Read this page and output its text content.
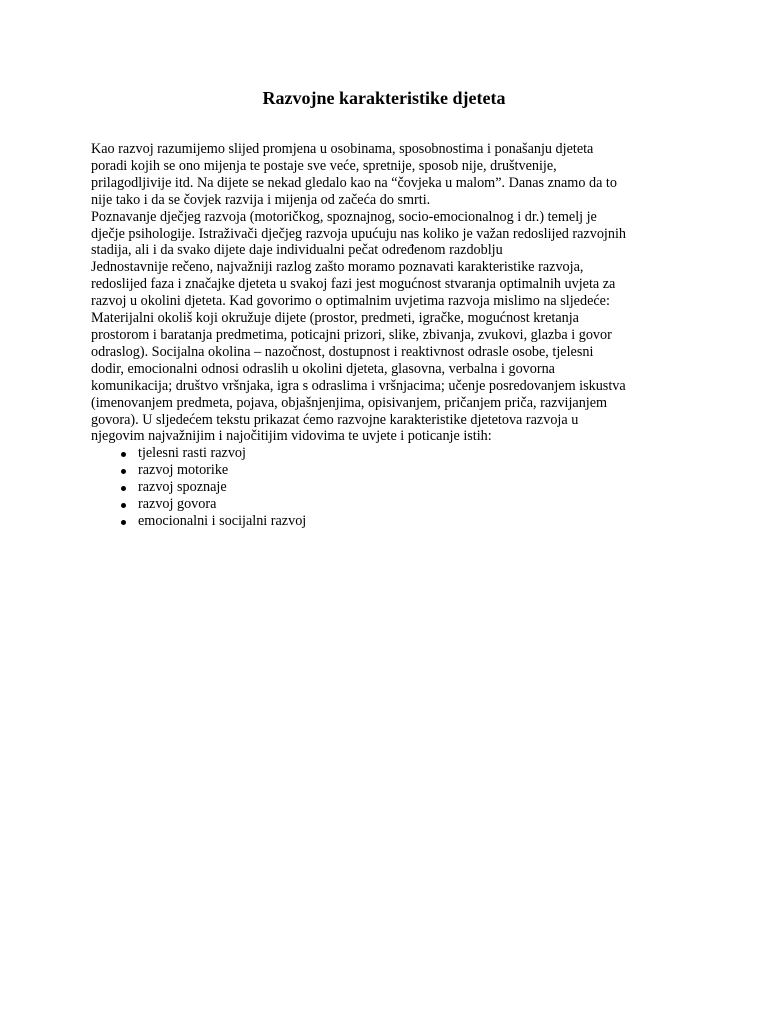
Razvojne karakteristike djeteta
Kao razvoj razumijemo slijed promjena u osobinama, sposobnostima i ponašanju djeteta
poradi kojih se ono mijenja te postaje sve veće, spretnije, sposob nije, društvenije,
prilagodljivije itd. Na dijete se nekad gledalo kao na “čovjeka u malom”. Danas znamo da to
nije tako i da se čovjek razvija i mijenja od začeća do smrti.
Poznavanje dječjeg razvoja (motoričkog, spoznajnog, socio-emocionalnog i dr.) temelj je
dječje psihologije. Istraživači dječjeg razvoja upućuju nas koliko je važan redoslijed razvojnih
stadija, ali i da svako dijete daje individualni pečat određenom razdoblju
Jednostavnije rečeno, najvažniji razlog zašto moramo poznavati karakteristike razvoja,
redoslijed faza i značajke djeteta u svakoj fazi jest mogućnost stvaranja optimalnih uvjeta za
razvoj u okolini djeteta. Kad govorimo o optimalnim uvjetima razvoja mislimo na sljedeće:
Materijalni okoliš koji okružuje dijete (prostor, predmeti, igračke, mogućnost kretanja
prostorom i baratanja predmetima, poticajni prizori, slike, zbivanja, zvukovi, glazba i govor
odraslog). Socijalna okolina – nazočnost, dostupnost i reaktivnost odrasle osobe, tjelesni
dodir, emocionalni odnosi odraslih u okolini djeteta, glasovna, verbalna i govorna
komunikacija; društvo vršnjaka, igra s odraslima i vršnjacima; učenje posredovanjem iskustva
(imenovanjem predmeta, pojava, objašnjenjima, opisivanjem, pričanjem priča, razvijanjem
govora). U sljedećem tekstu prikazat ćemo razvojne karakteristike djetetova razvoja u
njegovim najvažnijim i najočitijim vidovima te uvjete i poticanje istih:
tjelesni rasti razvoj
razvoj motorike
razvoj spoznaje
razvoj govora
emocionalni i socijalni razvoj
